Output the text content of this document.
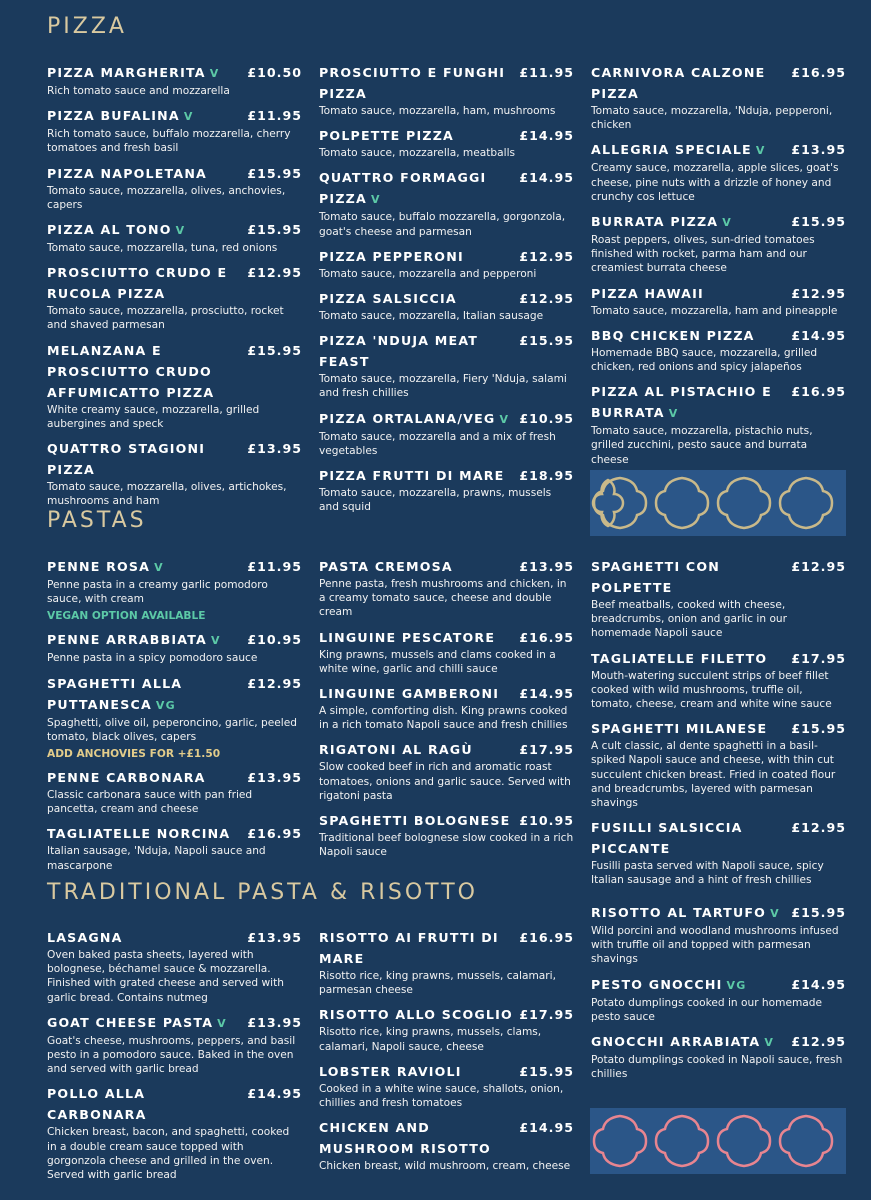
PIZZA
PIZZA MARGHERITA V £10.50
Rich tomato sauce and mozzarella
PIZZA BUFALINA V	£11.95
Rich tomato sauce, buffalo mozzarella, cherry tomatoes and fresh basil
PIZZA NAPOLETANA	£15.95
Tomato sauce, mozzarella, olives, anchovies, capers
PIZZA AL TONO V	£15.95
Tomato sauce, mozzarella, tuna, red onions
PROSCIUTTO CRUDO E RUCOLA PIZZA
£12.95
Tomato sauce, mozzarella, prosciutto, rocket and shaved parmesan
MELANZANA E PROSCIUTTO CRUDO AFFUMICATTO PIZZA
£15.95
White creamy sauce, mozzarella, grilled aubergines and speck
QUATTRO STAGIONI PIZZA
£13.95
Tomato sauce, mozzarella, olives, artichokes, mushrooms and ham
PROSCIUTTO E FUNGHI PIZZA
£11.95
Tomato sauce, mozzarella, ham, mushrooms
POLPETTE PIZZA	£14.95
Tomato sauce, mozzarella, meatballs
QUATTRO FORMAGGI PIZZA V
£14.95
Tomato sauce, buffalo mozzarella, gorgonzola, goat's cheese and parmesan
PIZZA PEPPERONI	£12.95
Tomato sauce, mozzarella and pepperoni
PIZZA SALSICCIA	£12.95
Tomato sauce, mozzarella, Italian sausage
PIZZA 'NDUJA MEAT FEAST
£15.95
Tomato sauce, mozzarella, Fiery 'Nduja, salami and fresh chillies
PIZZA ORTALANA/VEG V £10.95
Tomato sauce, mozzarella and a mix of fresh vegetables
PIZZA FRUTTI DI MARE £18.95
Tomato sauce, mozzarella, prawns, mussels and squid
CARNIVORA CALZONE PIZZA
£16.95
Tomato sauce, mozzarella, 'Nduja, pepperoni, chicken
ALLEGRIA SPECIALE V £13.95
Creamy sauce, mozzarella, apple slices, goat's cheese, pine nuts with a drizzle of honey and crunchy cos lettuce
BURRATA PIZZA V	£15.95
Roast peppers, olives, sun-dried tomatoes finished with rocket, parma ham and our creamiest burrata cheese
PIZZA HAWAII	£12.95
Tomato sauce, mozzarella, ham and pineapple
BBQ CHICKEN PIZZA	£14.95
Homemade BBQ sauce, mozzarella, grilled chicken, red onions and spicy jalapeños
PIZZA AL PISTACHIO E BURRATA V
£16.95
Tomato sauce, mozzarella, pistachio nuts, grilled zucchini, pesto sauce and burrata cheese
PASTAS
PENNE ROSA V	£11.95
Penne pasta in a creamy garlic pomodoro sauce, with cream
VEGAN OPTION AVAILABLE
PENNE ARRABBIATA V £10.95
Penne pasta in a spicy pomodoro sauce
SPAGHETTI ALLA PUTTANESCA VG
£12.95
Spaghetti, olive oil, peperoncino, garlic, peeled tomato, black olives, capers
ADD ANCHOVIES FOR +£1.50
PENNE CARBONARA	£13.95
Classic carbonara sauce with pan fried pancetta, cream and cheese
TAGLIATELLE NORCINA £16.95
Italian sausage, 'Nduja, Napoli sauce and mascarpone
PASTA CREMOSA	£13.95
Penne pasta, fresh mushrooms and chicken, in a creamy tomato sauce, cheese and double cream
LINGUINE PESCATORE £16.95
King prawns, mussels and clams cooked in a white wine, garlic and chilli sauce
LINGUINE GAMBERONI £14.95
A simple, comforting dish. King prawns cooked in a rich tomato Napoli sauce and fresh chillies
RIGATONI AL RAGÙ	£17.95
Slow cooked beef in rich and aromatic roast tomatoes, onions and garlic sauce. Served with rigatoni pasta
SPAGHETTI BOLOGNESE £10.95
Traditional beef bolognese slow cooked in a rich Napoli sauce
SPAGHETTI CON POLPETTE
£12.95
Beef meatballs, cooked with cheese, breadcrumbs, onion and garlic in our homemade Napoli sauce
TAGLIATELLE FILETTO £17.95
Mouth-watering succulent strips of beef fillet cooked with wild mushrooms, truffle oil, tomato, cheese, cream and white wine sauce
SPAGHETTI MILANESE £15.95
A cult classic, al dente spaghetti in a basil-spiked Napoli sauce and cheese, with thin cut succulent chicken breast. Fried in coated flour and breadcrumbs, layered with parmesan shavings
FUSILLI SALSICCIA PICCANTE
£12.95
Fusilli pasta served with Napoli sauce, spicy Italian sausage and a hint of fresh chillies
TRADITIONAL PASTA & RISOTTO
LASAGNA	£13.95
Oven baked pasta sheets, layered with bolognese, béchamel sauce & mozzarella. Finished with grated cheese and served with garlic bread. Contains nutmeg
GOAT CHEESE PASTA V £13.95
Goat's cheese, mushrooms, peppers, and basil pesto in a pomodoro sauce. Baked in the oven and served with garlic bread
POLLO ALLA CARBONARA
£14.95
Chicken breast, bacon, and spaghetti, cooked in a double cream sauce topped with gorgonzola cheese and grilled in the oven. Served with garlic bread
RISOTTO AI FRUTTI DI MARE
£16.95
Risotto rice, king prawns, mussels, calamari, parmesan cheese
RISOTTO ALLO SCOGLIO £17.95
Risotto rice, king prawns, mussels, clams, calamari, Napoli sauce, cheese
LOBSTER RAVIOLI	£15.95
Cooked in a white wine sauce, shallots, onion, chillies and fresh tomatoes
CHICKEN AND MUSHROOM RISOTTO
£14.95
Chicken breast, wild mushroom, cream, cheese
RISOTTO AL TARTUFO V £15.95
Wild porcini and woodland mushrooms infused with truffle oil and topped with parmesan shavings
PESTO GNOCCHI VG	£14.95
Potato dumplings cooked in our homemade pesto sauce
GNOCCHI ARRABIATA V £12.95
Potato dumplings cooked in Napoli sauce, fresh chillies
